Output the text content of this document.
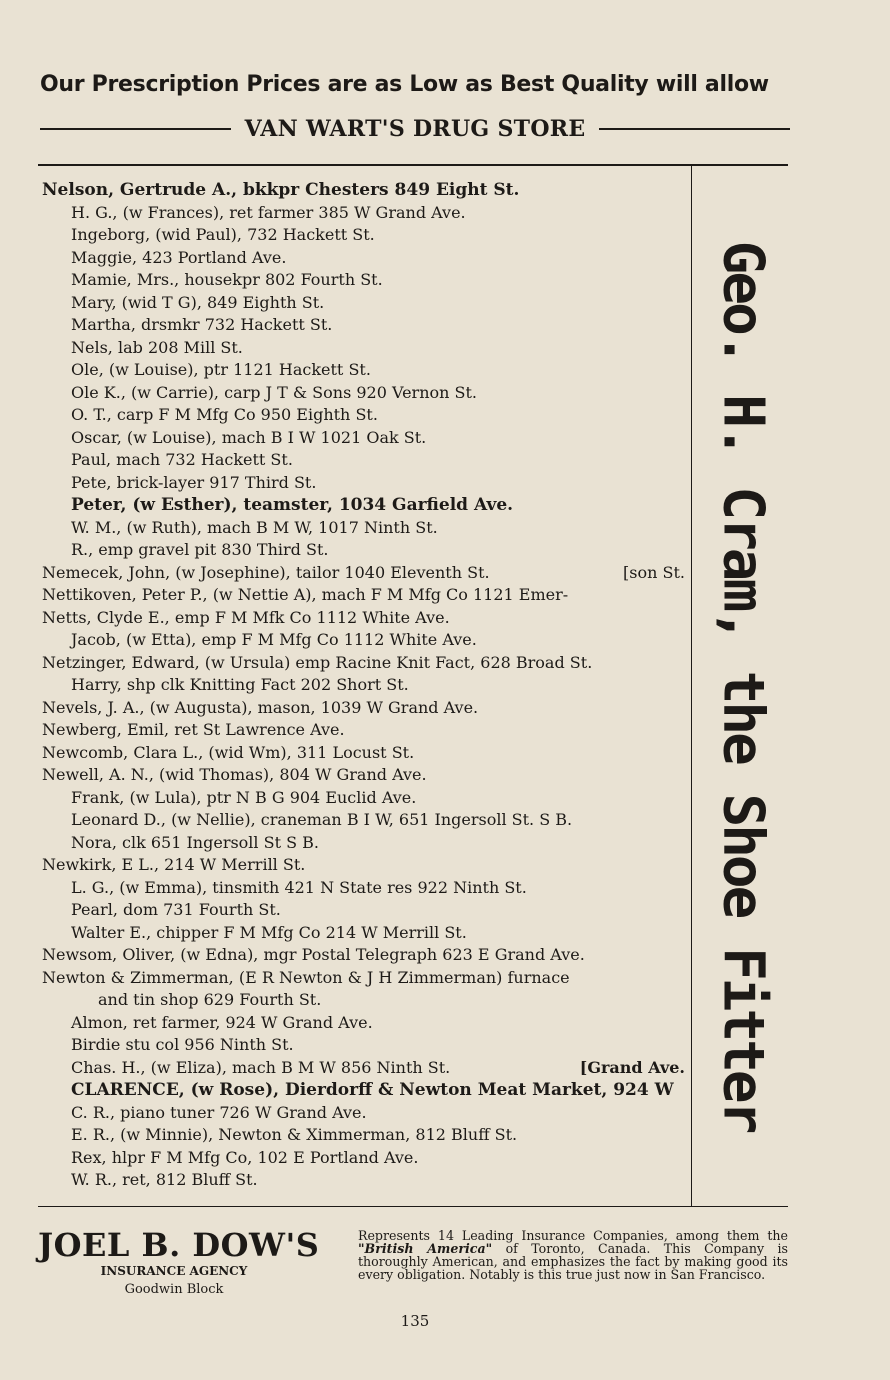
Our Prescription Prices are as Low as Best Quality will allow
VAN WART'S DRUG STORE
Nelson, Gertrude A., bkkpr Chesters 849 Eight St.
H. G., (w Frances), ret farmer 385 W Grand Ave.
Ingeborg, (wid Paul), 732 Hackett St.
Maggie, 423 Portland Ave.
Mamie, Mrs., housekpr 802 Fourth St.
Mary, (wid T G), 849 Eighth St.
Martha, drsmkr 732 Hackett St.
Nels, lab 208 Mill St.
Ole, (w Louise), ptr 1121 Hackett St.
Ole K., (w Carrie), carp J T & Sons 920 Vernon St.
O. T., carp F M Mfg Co 950 Eighth St.
Oscar, (w Louise), mach B I W 1021 Oak St.
Paul, mach 732 Hackett St.
Pete, brick-layer 917 Third St.
Peter, (w Esther), teamster, 1034 Garfield Ave.
W. M., (w Ruth), mach B M W, 1017 Ninth St.
R., emp gravel pit 830 Third St.
Nemecek, John, (w Josephine), tailor 1040 Eleventh St.	[son St.
Nettikoven, Peter P., (w Nettie A), mach F M Mfg Co 1121 Emer-
Netts, Clyde E., emp F M Mfk Co 1112 White Ave.
Jacob, (w Etta), emp F M Mfg Co 1112 White Ave.
Netzinger, Edward, (w Ursula) emp Racine Knit Fact, 628 Broad St.
Harry, shp clk Knitting Fact 202 Short St.
Nevels, J. A., (w Augusta), mason, 1039 W Grand Ave.
Newberg, Emil, ret St Lawrence Ave.
Newcomb, Clara L., (wid Wm), 311 Locust St.
Newell, A. N., (wid Thomas), 804 W Grand Ave.
Frank, (w Lula), ptr N B G 904 Euclid Ave.
Leonard D., (w Nellie), craneman B I W, 651 Ingersoll St. S B.
Nora, clk 651 Ingersoll St S B.
Newkirk, E L., 214 W Merrill St.
L. G., (w Emma), tinsmith 421 N State res 922 Ninth St.
Pearl, dom 731 Fourth St.
Walter E., chipper F M Mfg Co 214 W Merrill St.
Newsom, Oliver, (w Edna), mgr Postal Telegraph 623 E Grand Ave.
Newton & Zimmerman, (E R Newton & J H Zimmerman) furnace
and tin shop 629 Fourth St.
Almon, ret farmer, 924 W Grand Ave.
Birdie stu col 956 Ninth St.
Chas. H., (w Eliza), mach B M W 856 Ninth St.	[Grand Ave.
CLARENCE, (w Rose), Dierdorff & Newton Meat Market, 924 W
C. R., piano tuner 726 W Grand Ave.
E. R., (w Minnie), Newton & Ximmerman, 812 Bluff St.
Rex, hlpr F M Mfg Co, 102 E Portland Ave.
W. R., ret, 812 Bluff St.
Geo. H. Cram, the Shoe Fitter
JOEL B. DOW'S
INSURANCE AGENCY
Goodwin Block
Represents 14 Leading Insurance Companies, among them the "British America" of Toronto, Canada. This Company is thoroughly American, and emphasizes the fact by making good its every obligation. Notably is this true just now in San Francisco.
135
